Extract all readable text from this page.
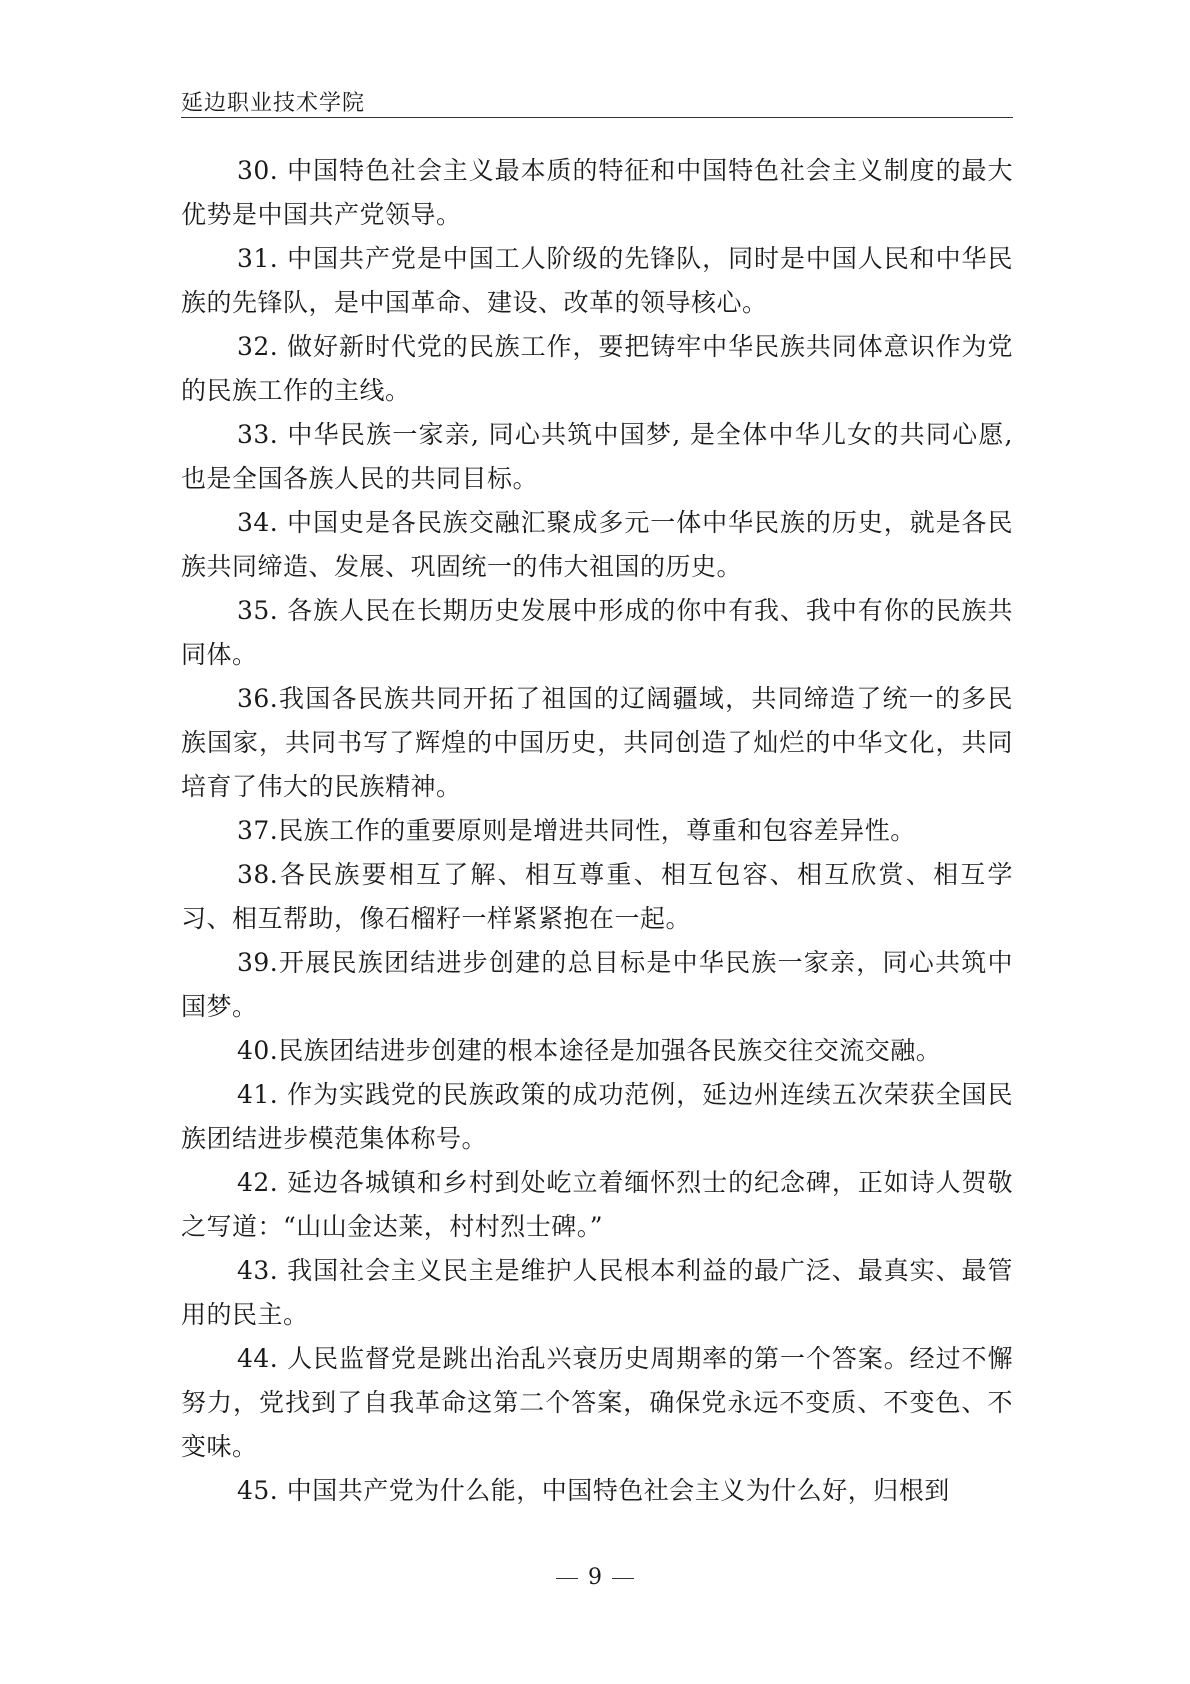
延边职业技术学院

30. 中国特色社会主义最本质的特征和中国特色社会主义制度的最大优势是中国共产党领导。

31. 中国共产党是中国工人阶级的先锋队，同时是中国人民和中华民族的先锋队，是中国革命、建设、改革的领导核心。

32. 做好新时代党的民族工作，要把铸牢中华民族共同体意识作为党的民族工作的主线。

33. 中华民族一家亲, 同心共筑中国梦, 是全体中华儿女的共同心愿, 也是全国各族人民的共同目标。

34. 中国史是各民族交融汇聚成多元一体中华民族的历史，就是各民族共同缔造、发展、巩固统一的伟大祖国的历史。

35. 各族人民在长期历史发展中形成的你中有我、我中有你的民族共同体。

36.我国各民族共同开拓了祖国的辽阔疆域，共同缔造了统一的多民族国家，共同书写了辉煌的中国历史，共同创造了灿烂的中华文化，共同培育了伟大的民族精神。

37.民族工作的重要原则是增进共同性，尊重和包容差异性。

38.各民族要相互了解、相互尊重、相互包容、相互欣赏、相互学习、相互帮助，像石榴籽一样紧紧抱在一起。

39.开展民族团结进步创建的总目标是中华民族一家亲，同心共筑中国梦。

40.民族团结进步创建的根本途径是加强各民族交往交流交融。

41. 作为实践党的民族政策的成功范例，延边州连续五次荣获全国民族团结进步模范集体称号。

42. 延边各城镇和乡村到处屹立着缅怀烈士的纪念碑，正如诗人贺敬之写道：“山山金达莱，村村烈士碑。”

43. 我国社会主义民主是维护人民根本利益的最广泛、最真实、最管用的民主。

44. 人民监督党是跳出治乱兴衰历史周期率的第一个答案。经过不懈努力，党找到了自我革命这第二个答案，确保党永远不变质、不变色、不变味。

45. 中国共产党为什么能，中国特色社会主义为什么好，归根到

9
